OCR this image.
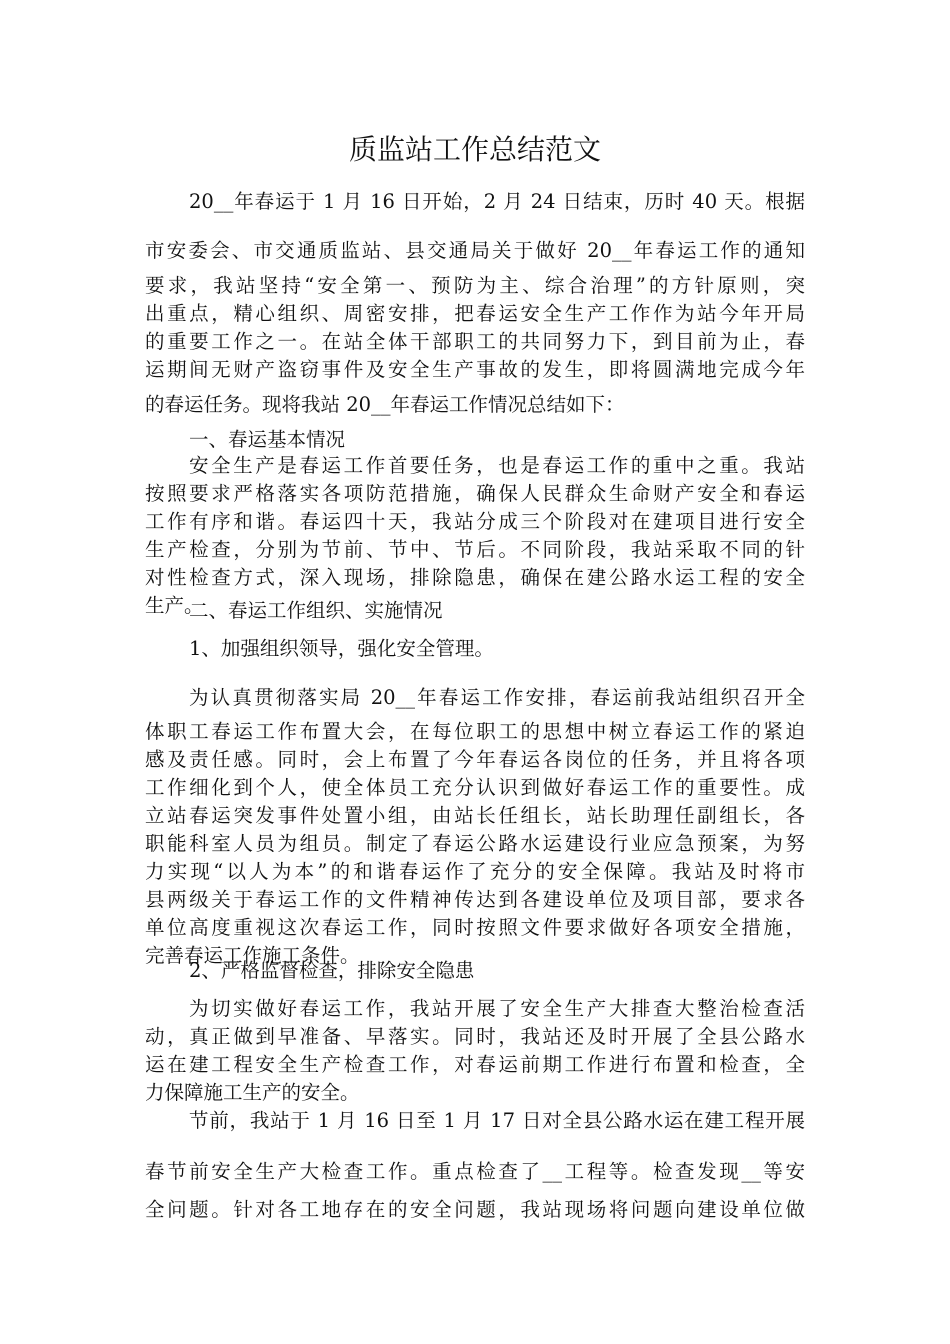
质监站工作总结范文
20__年春运于 1 月 16 日开始，2 月 24 日结束，历时 40 天。根据
市安委会、市交通质监站、县交通局关于做好 20__年春运工作的通知
要求，我站坚持“安全第一、预防为主、综合治理”的方针原则，突
出重点，精心组织、周密安排，把春运安全生产工作作为站今年开局
的重要工作之一。在站全体干部职工的共同努力下，到目前为止，春
运期间无财产盗窃事件及安全生产事故的发生，即将圆满地完成今年
的春运任务。现将我站 20__年春运工作情况总结如下：
一、春运基本情况
安全生产是春运工作首要任务，也是春运工作的重中之重。我站
按照要求严格落实各项防范措施，确保人民群众生命财产安全和春运
工作有序和谐。春运四十天，我站分成三个阶段对在建项目进行安全
生产检查，分别为节前、节中、节后。不同阶段，我站采取不同的针
对性检查方式，深入现场，排除隐患，确保在建公路水运工程的安全
生产。
二、春运工作组织、实施情况
1、加强组织领导，强化安全管理。
为认真贯彻落实局 20__年春运工作安排，春运前我站组织召开全
体职工春运工作布置大会，在每位职工的思想中树立春运工作的紧迫
感及责任感。同时，会上布置了今年春运各岗位的任务，并且将各项
工作细化到个人，使全体员工充分认识到做好春运工作的重要性。成
立站春运突发事件处置小组，由站长任组长，站长助理任副组长，各
职能科室人员为组员。制定了春运公路水运建设行业应急预案，为努
力实现“以人为本”的和谐春运作了充分的安全保障。我站及时将市
县两级关于春运工作的文件精神传达到各建设单位及项目部，要求各
单位高度重视这次春运工作，同时按照文件要求做好各项安全措施，
完善春运工作施工条件。
2、严格监督检查，排除安全隐患
为切实做好春运工作，我站开展了安全生产大排查大整治检查活
动，真正做到早准备、早落实。同时，我站还及时开展了全县公路水
运在建工程安全生产检查工作，对春运前期工作进行布置和检查，全
力保障施工生产的安全。
节前，我站于 1 月 16 日至 1 月 17 日对全县公路水运在建工程开展
春节前安全生产大检查工作。重点检查了__工程等。检查发现__等安
全问题。针对各工地存在的安全问题，我站现场将问题向建设单位做
